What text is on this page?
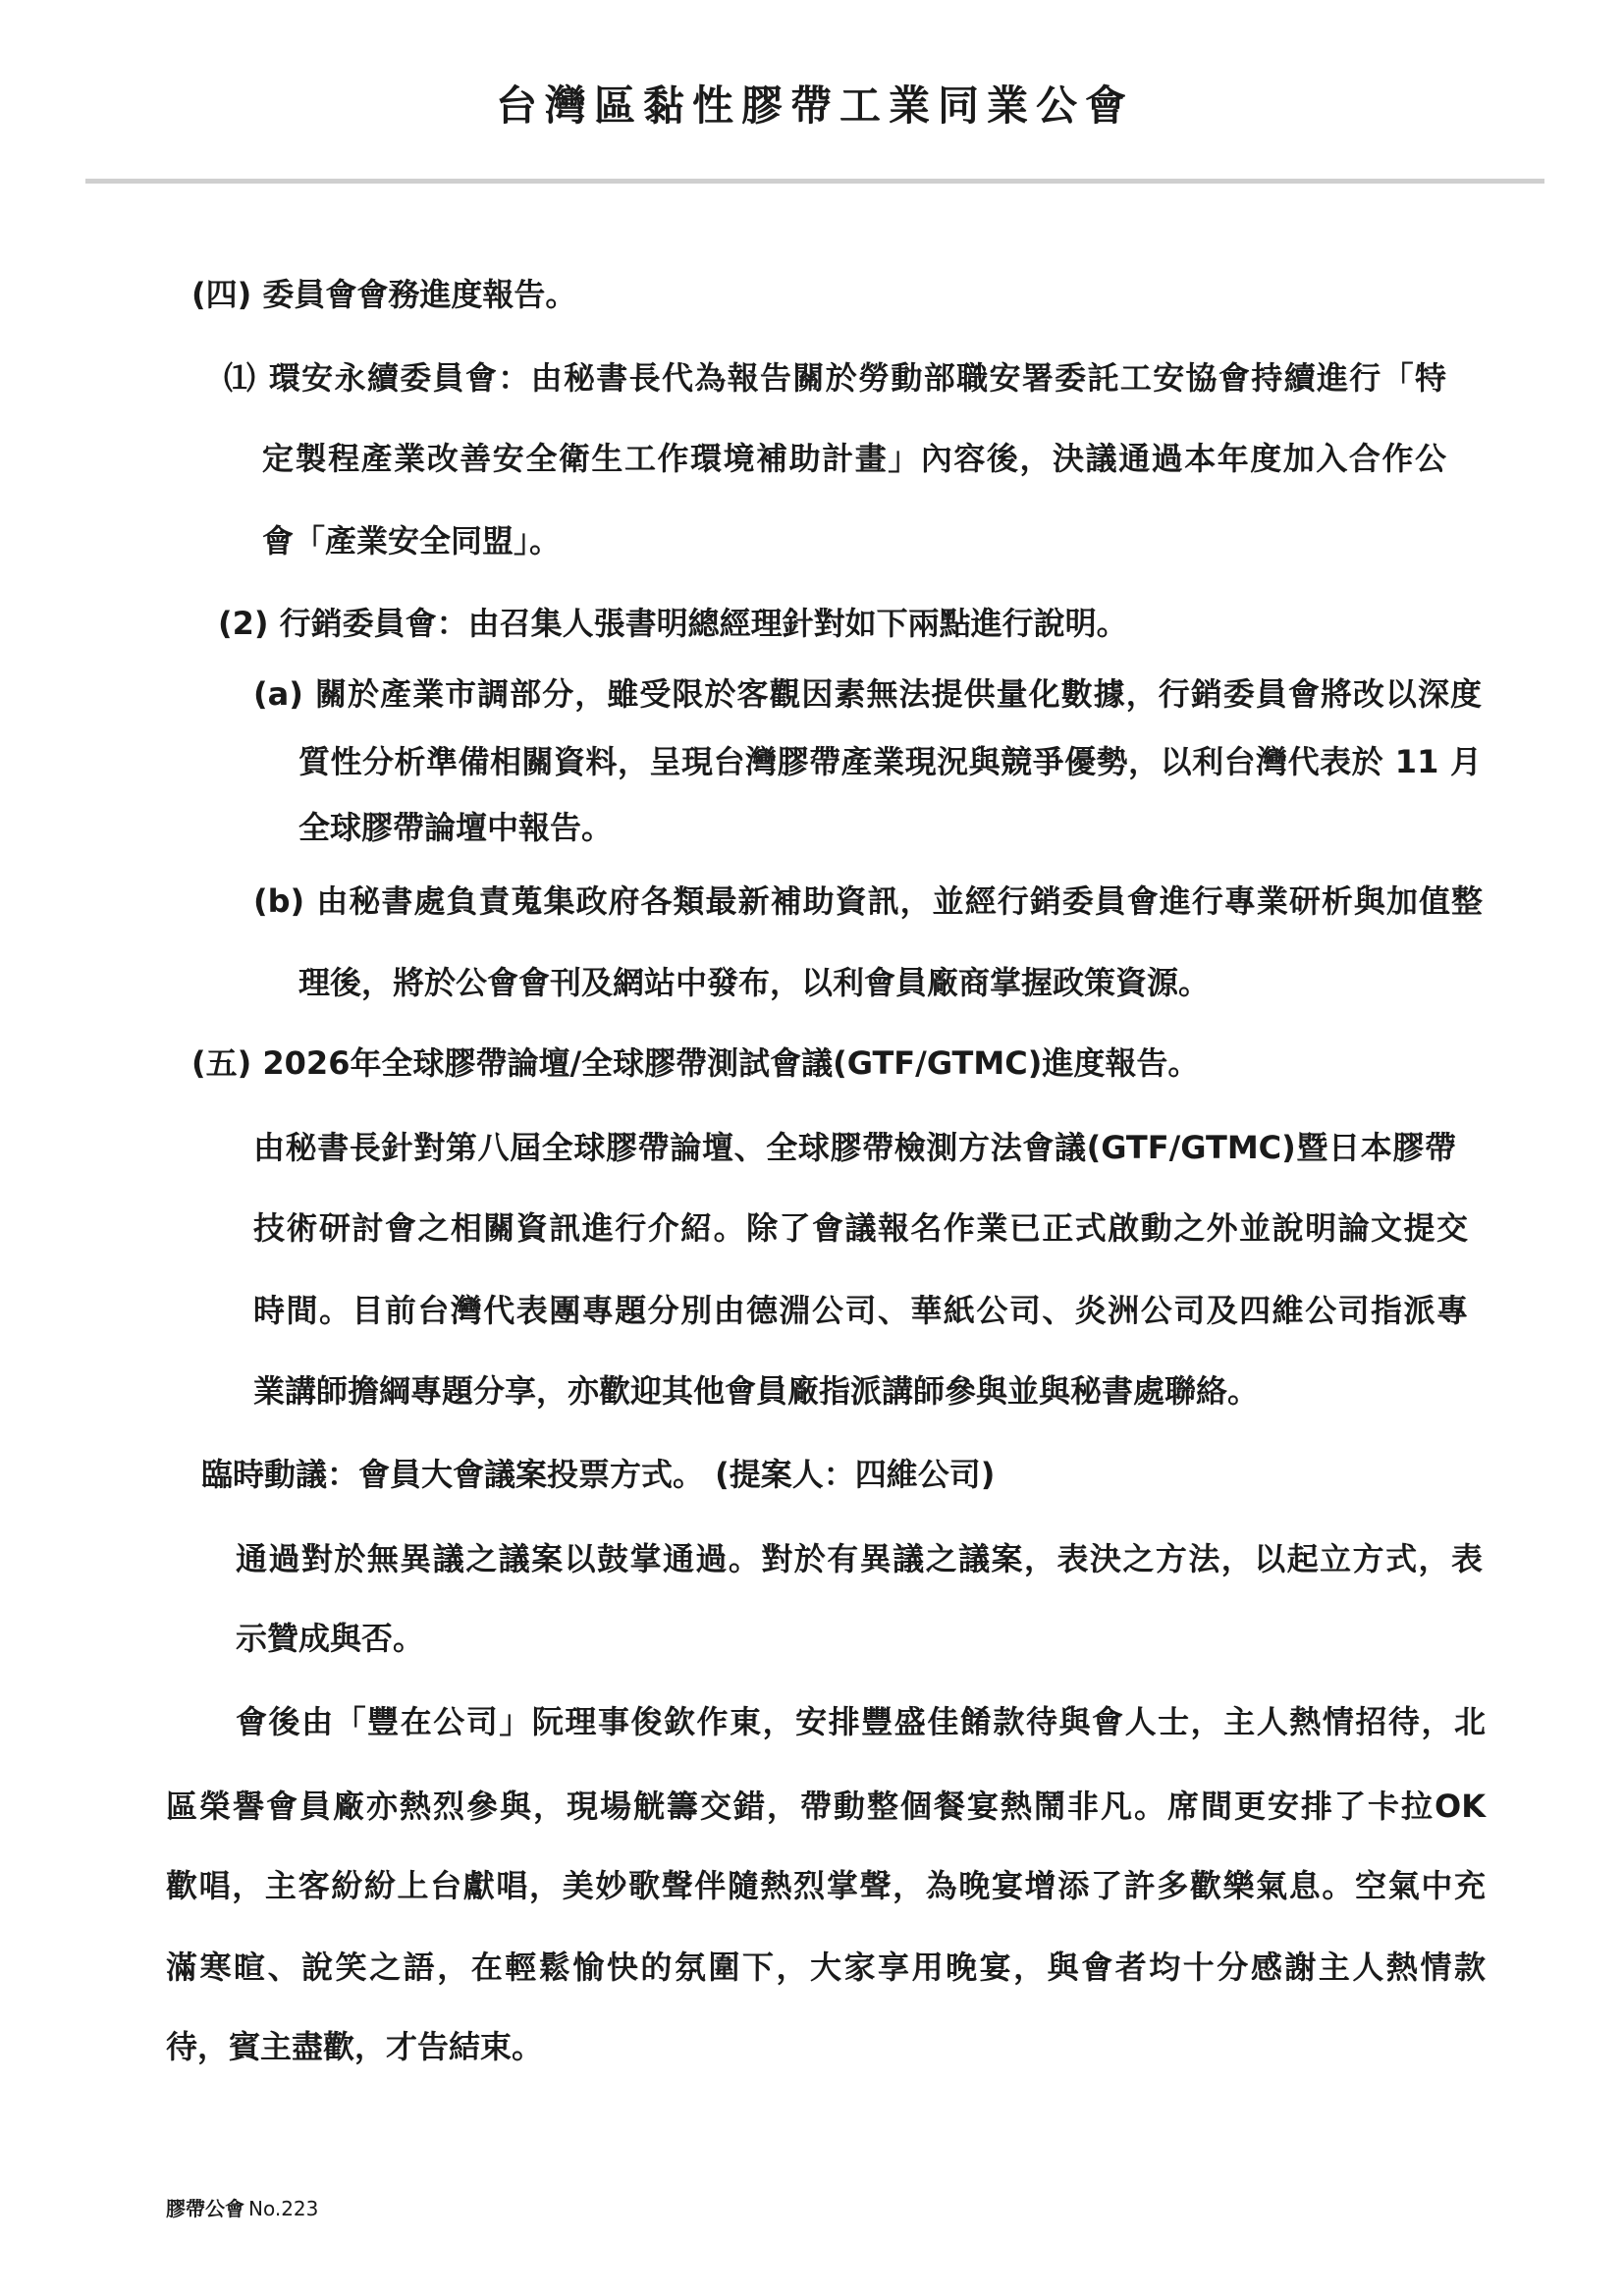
台灣區黏性膠帶工業同業公會
(四) 委員會會務進度報告。
⑴ 環安永續委員會：由秘書長代為報告關於勞動部職安署委託工安協會持續進行「特
定製程產業改善安全衛生工作環境補助計畫」內容後，決議通過本年度加入合作公
會「產業安全同盟」。
(2) 行銷委員會：由召集人張書明總經理針對如下兩點進行說明。
(a) 關於產業市調部分，雖受限於客觀因素無法提供量化數據，行銷委員會將改以深度
質性分析準備相關資料，呈現台灣膠帶產業現況與競爭優勢，以利台灣代表於 11 月
全球膠帶論壇中報告。
(b) 由秘書處負責蒐集政府各類最新補助資訊，並經行銷委員會進行專業研析與加值整
理後，將於公會會刊及網站中發布，以利會員廠商掌握政策資源。
(五) 2026年全球膠帶論壇/全球膠帶測試會議(GTF/GTMC)進度報告。
由秘書長針對第八屆全球膠帶論壇、全球膠帶檢測方法會議(GTF/GTMC)暨日本膠帶
技術研討會之相關資訊進行介紹。除了會議報名作業已正式啟動之外並說明論文提交
時間。目前台灣代表團專題分別由德淵公司、華紙公司、炎洲公司及四維公司指派專
業講師擔綱專題分享，亦歡迎其他會員廠指派講師參與並與秘書處聯絡。
臨時動議：會員大會議案投票方式。 (提案人：四維公司)
通過對於無異議之議案以鼓掌通過。對於有異議之議案，表決之方法，以起立方式，表
示贊成與否。
會後由「豐在公司」阮理事俊欽作東，安排豐盛佳餚款待與會人士，主人熱情招待，北
區榮譽會員廠亦熱烈參與，現場觥籌交錯，帶動整個餐宴熱鬧非凡。席間更安排了卡拉OK
歡唱，主客紛紛上台獻唱，美妙歌聲伴隨熱烈掌聲，為晚宴增添了許多歡樂氣息。空氣中充
滿寒暄、說笑之語，在輕鬆愉快的氛圍下，大家享用晚宴，與會者均十分感謝主人熱情款
待，賓主盡歡，才告結束。
膠帶公會 No.223
